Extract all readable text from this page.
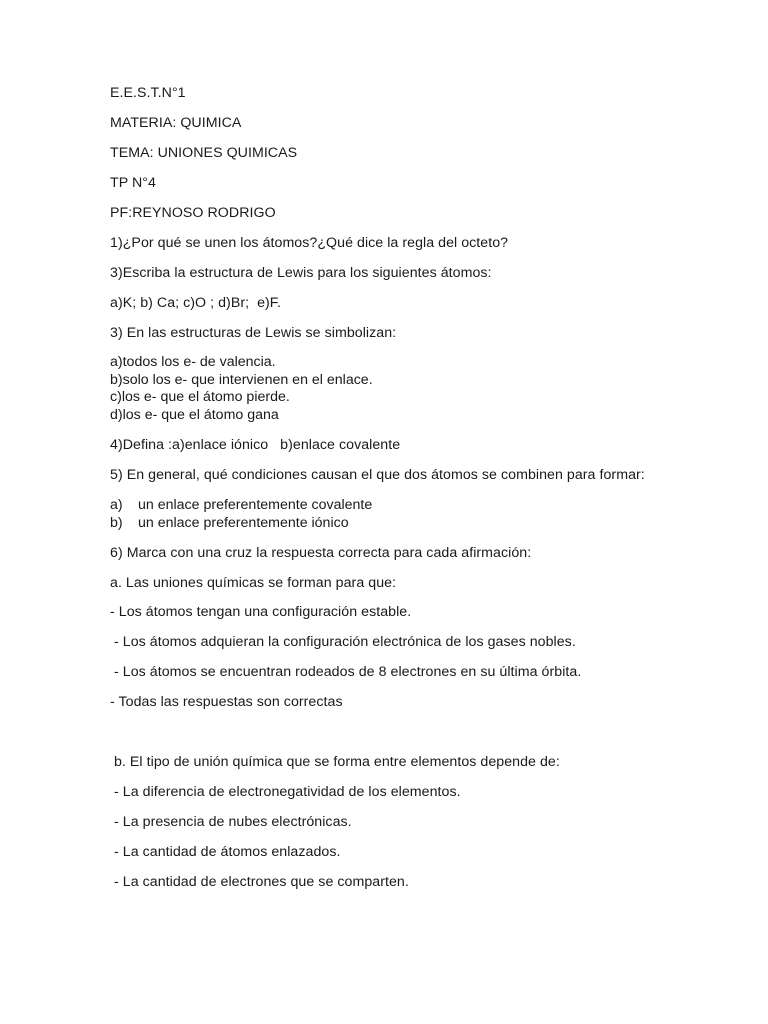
E.E.S.T.N°1
MATERIA: QUIMICA
TEMA: UNIONES QUIMICAS
TP N°4
PF:REYNOSO RODRIGO
1)¿Por qué se unen los átomos?¿Qué dice la regla del octeto?
3)Escriba la estructura de Lewis para los siguientes átomos:
a)K; b) Ca; c)O ; d)Br;  e)F.
3) En las estructuras de Lewis se simbolizan:
a)todos los e- de valencia.
b)solo los e- que intervienen en el enlace.
c)los e- que el átomo pierde.
d)los e- que el átomo gana
4)Defina :a)enlace iónico   b)enlace covalente
5) En general, qué condiciones causan el que dos átomos se combinen para formar:
a) un enlace preferentemente covalente
b) un enlace preferentemente iónico
6) Marca con una cruz la respuesta correcta para cada afirmación:
a. Las uniones químicas se forman para que:
- Los átomos tengan una configuración estable.
- Los átomos adquieran la configuración electrónica de los gases nobles.
- Los átomos se encuentran rodeados de 8 electrones en su última órbita.
- Todas las respuestas son correctas
b. El tipo de unión química que se forma entre elementos depende de:
- La diferencia de electronegatividad de los elementos.
- La presencia de nubes electrónicas.
- La cantidad de átomos enlazados.
- La cantidad de electrones que se comparten.
